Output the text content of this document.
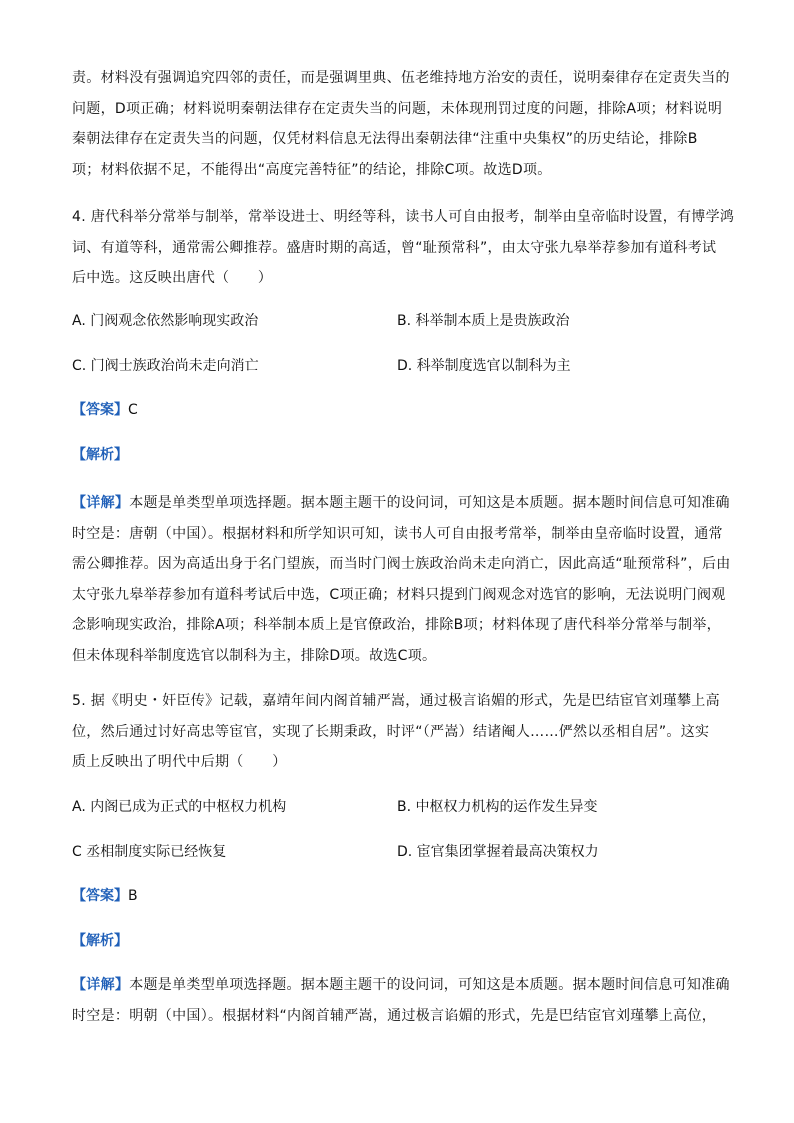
责。材料没有强调追究四邻的责任，而是强调里典、伍老维持地方治安的责任，说明秦律存在定责失当的
问题，D项正确；材料说明秦朝法律存在定责失当的问题，未体现刑罚过度的问题，排除A项；材料说明
秦朝法律存在定责失当的问题，仅凭材料信息无法得出秦朝法律“注重中央集权”的历史结论，排除B
项；材料依据不足，不能得出“高度完善特征”的结论，排除C项。故选D项。
4. 唐代科举分常举与制举，常举设进士、明经等科，读书人可自由报考，制举由皇帝临时设置，有博学鸿
词、有道等科，通常需公卿推荐。盛唐时期的高适，曾“耻预常科”，由太守张九皋举荐参加有道科考试
后中选。这反映出唐代（　　）
A. 门阀观念依然影响现实政治	B. 科举制本质上是贵族政治
C. 门阀士族政治尚未走向消亡	D. 科举制度选官以制科为主
【答案】C
【解析】
【详解】本题是单类型单项选择题。据本题主题干的设问词，可知这是本质题。据本题时间信息可知准确
时空是：唐朝（中国）。根据材料和所学知识可知，读书人可自由报考常举，制举由皇帝临时设置，通常
需公卿推荐。因为高适出身于名门望族，而当时门阀士族政治尚未走向消亡，因此高适“耻预常科”，后由
太守张九皋举荐参加有道科考试后中选，C项正确；材料只提到门阀观念对选官的影响，无法说明门阀观
念影响现实政治，排除A项；科举制本质上是官僚政治，排除B项；材料体现了唐代科举分常举与制举，
但未体现科举制度选官以制科为主，排除D项。故选C项。
5. 据《明史・奸臣传》记载，嘉靖年间内阁首辅严嵩，通过极言谄媚的形式，先是巴结宦官刘瑾攀上高
位，然后通过讨好高忠等宦官，实现了长期秉政，时评“（严嵩）结诸阉人……俨然以丞相自居”。这实
质上反映出了明代中后期（　　）
A. 内阁已成为正式的中枢权力机构	B. 中枢权力机构的运作发生异变
C 丞相制度实际已经恢复	D. 宦官集团掌握着最高决策权力
【答案】B
【解析】
【详解】本题是单类型单项选择题。据本题主题干的设问词，可知这是本质题。据本题时间信息可知准确
时空是：明朝（中国）。根据材料“内阁首辅严嵩，通过极言谄媚的形式，先是巴结宦官刘瑾攀上高位，
